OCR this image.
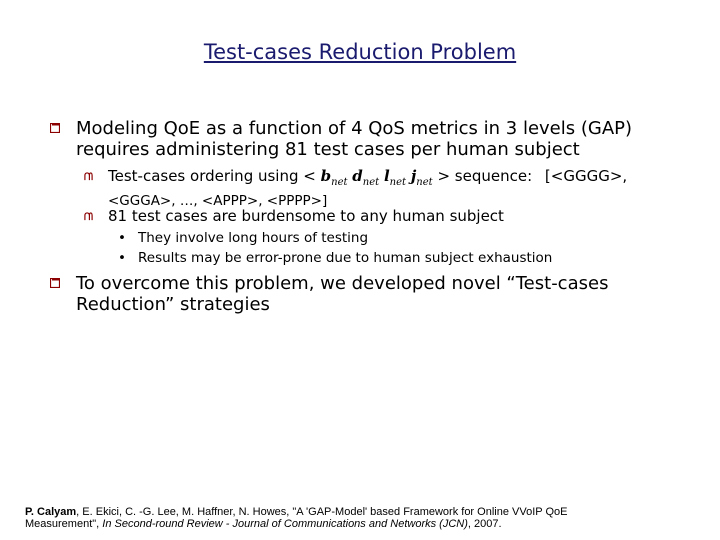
Test-cases Reduction Problem
Modeling QoE as a function of 4 QoS metrics in 3 levels (GAP)
requires administering 81 test cases per human subject
Test-cases ordering $using < b_{net}$ $d_{net}$ $l_{net}$ $j_{net}$ > sequence: [<GGGG>,
<GGGA>, …, <APPP>, <PPPP>]
81 test cases are burdensome to any human subject
• They involve long hours of testing
• Results may be error-prone due to human subject exhaustion
To overcome this problem, we developed novel “Test-cases
Reduction” strategies
P. Calyam, E. Ekici, C. -G. Lee, M. Haffner, N. Howes, "A 'GAP-Model' based Framework for Online VVoIP QoE
Measurement", In Second-round Review - Journal of Communications and Networks (JCN), 2007.
